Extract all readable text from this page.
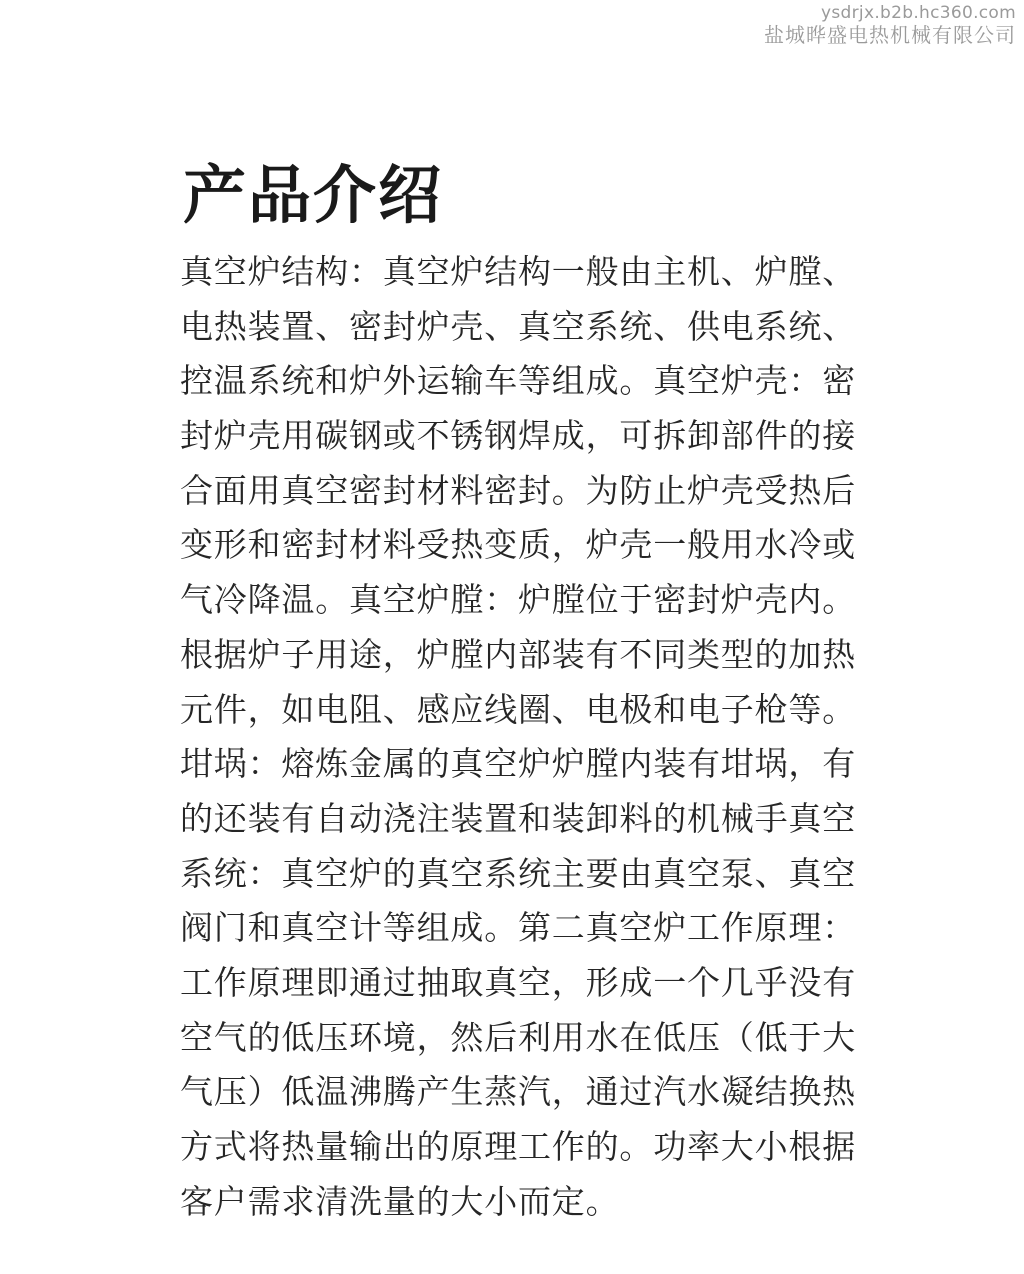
ysdrjx.b2b.hc360.com
盐城晔盛电热机械有限公司
产品介绍
真空炉结构：真空炉结构一般由主机、炉膛、
电热装置、密封炉壳、真空系统、供电系统、
控温系统和炉外运输车等组成。真空炉壳：密
封炉壳用碳钢或不锈钢焊成，可拆卸部件的接
合面用真空密封材料密封。为防止炉壳受热后
变形和密封材料受热变质，炉壳一般用水冷或
气冷降温。真空炉膛：炉膛位于密封炉壳内。
根据炉子用途，炉膛内部装有不同类型的加热
元件，如电阻、感应线圈、电极和电子枪等。
坩埚：熔炼金属的真空炉炉膛内装有坩埚，有
的还装有自动浇注装置和装卸料的机械手真空
系统：真空炉的真空系统主要由真空泵、真空
阀门和真空计等组成。第二真空炉工作原理：
工作原理即通过抽取真空，形成一个几乎没有
空气的低压环境，然后利用水在低压（低于大
气压）低温沸腾产生蒸汽，通过汽水凝结换热
方式将热量输出的原理工作的。功率大小根据
客户需求清洗量的大小而定。
